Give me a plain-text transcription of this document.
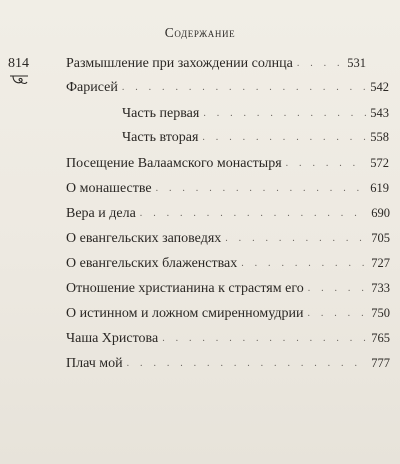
Содержание
814	Размышление при захождении солнца . . .	531
Фарисей . . .	542
Часть первая . . .	543
Часть вторая . . .	558
Посещение Валаамского монастыря . . .	572
О монашестве . . .	619
Вера и дела . . .	690
О евангельских заповедях . . .	705
О евангельских блаженствах . . .	727
Отношение христианина к страстям его . . .	733
О истинном и ложном смиренномудрии . . .	750
Чаша Христова . . .	765
Плач мой . . .	777
